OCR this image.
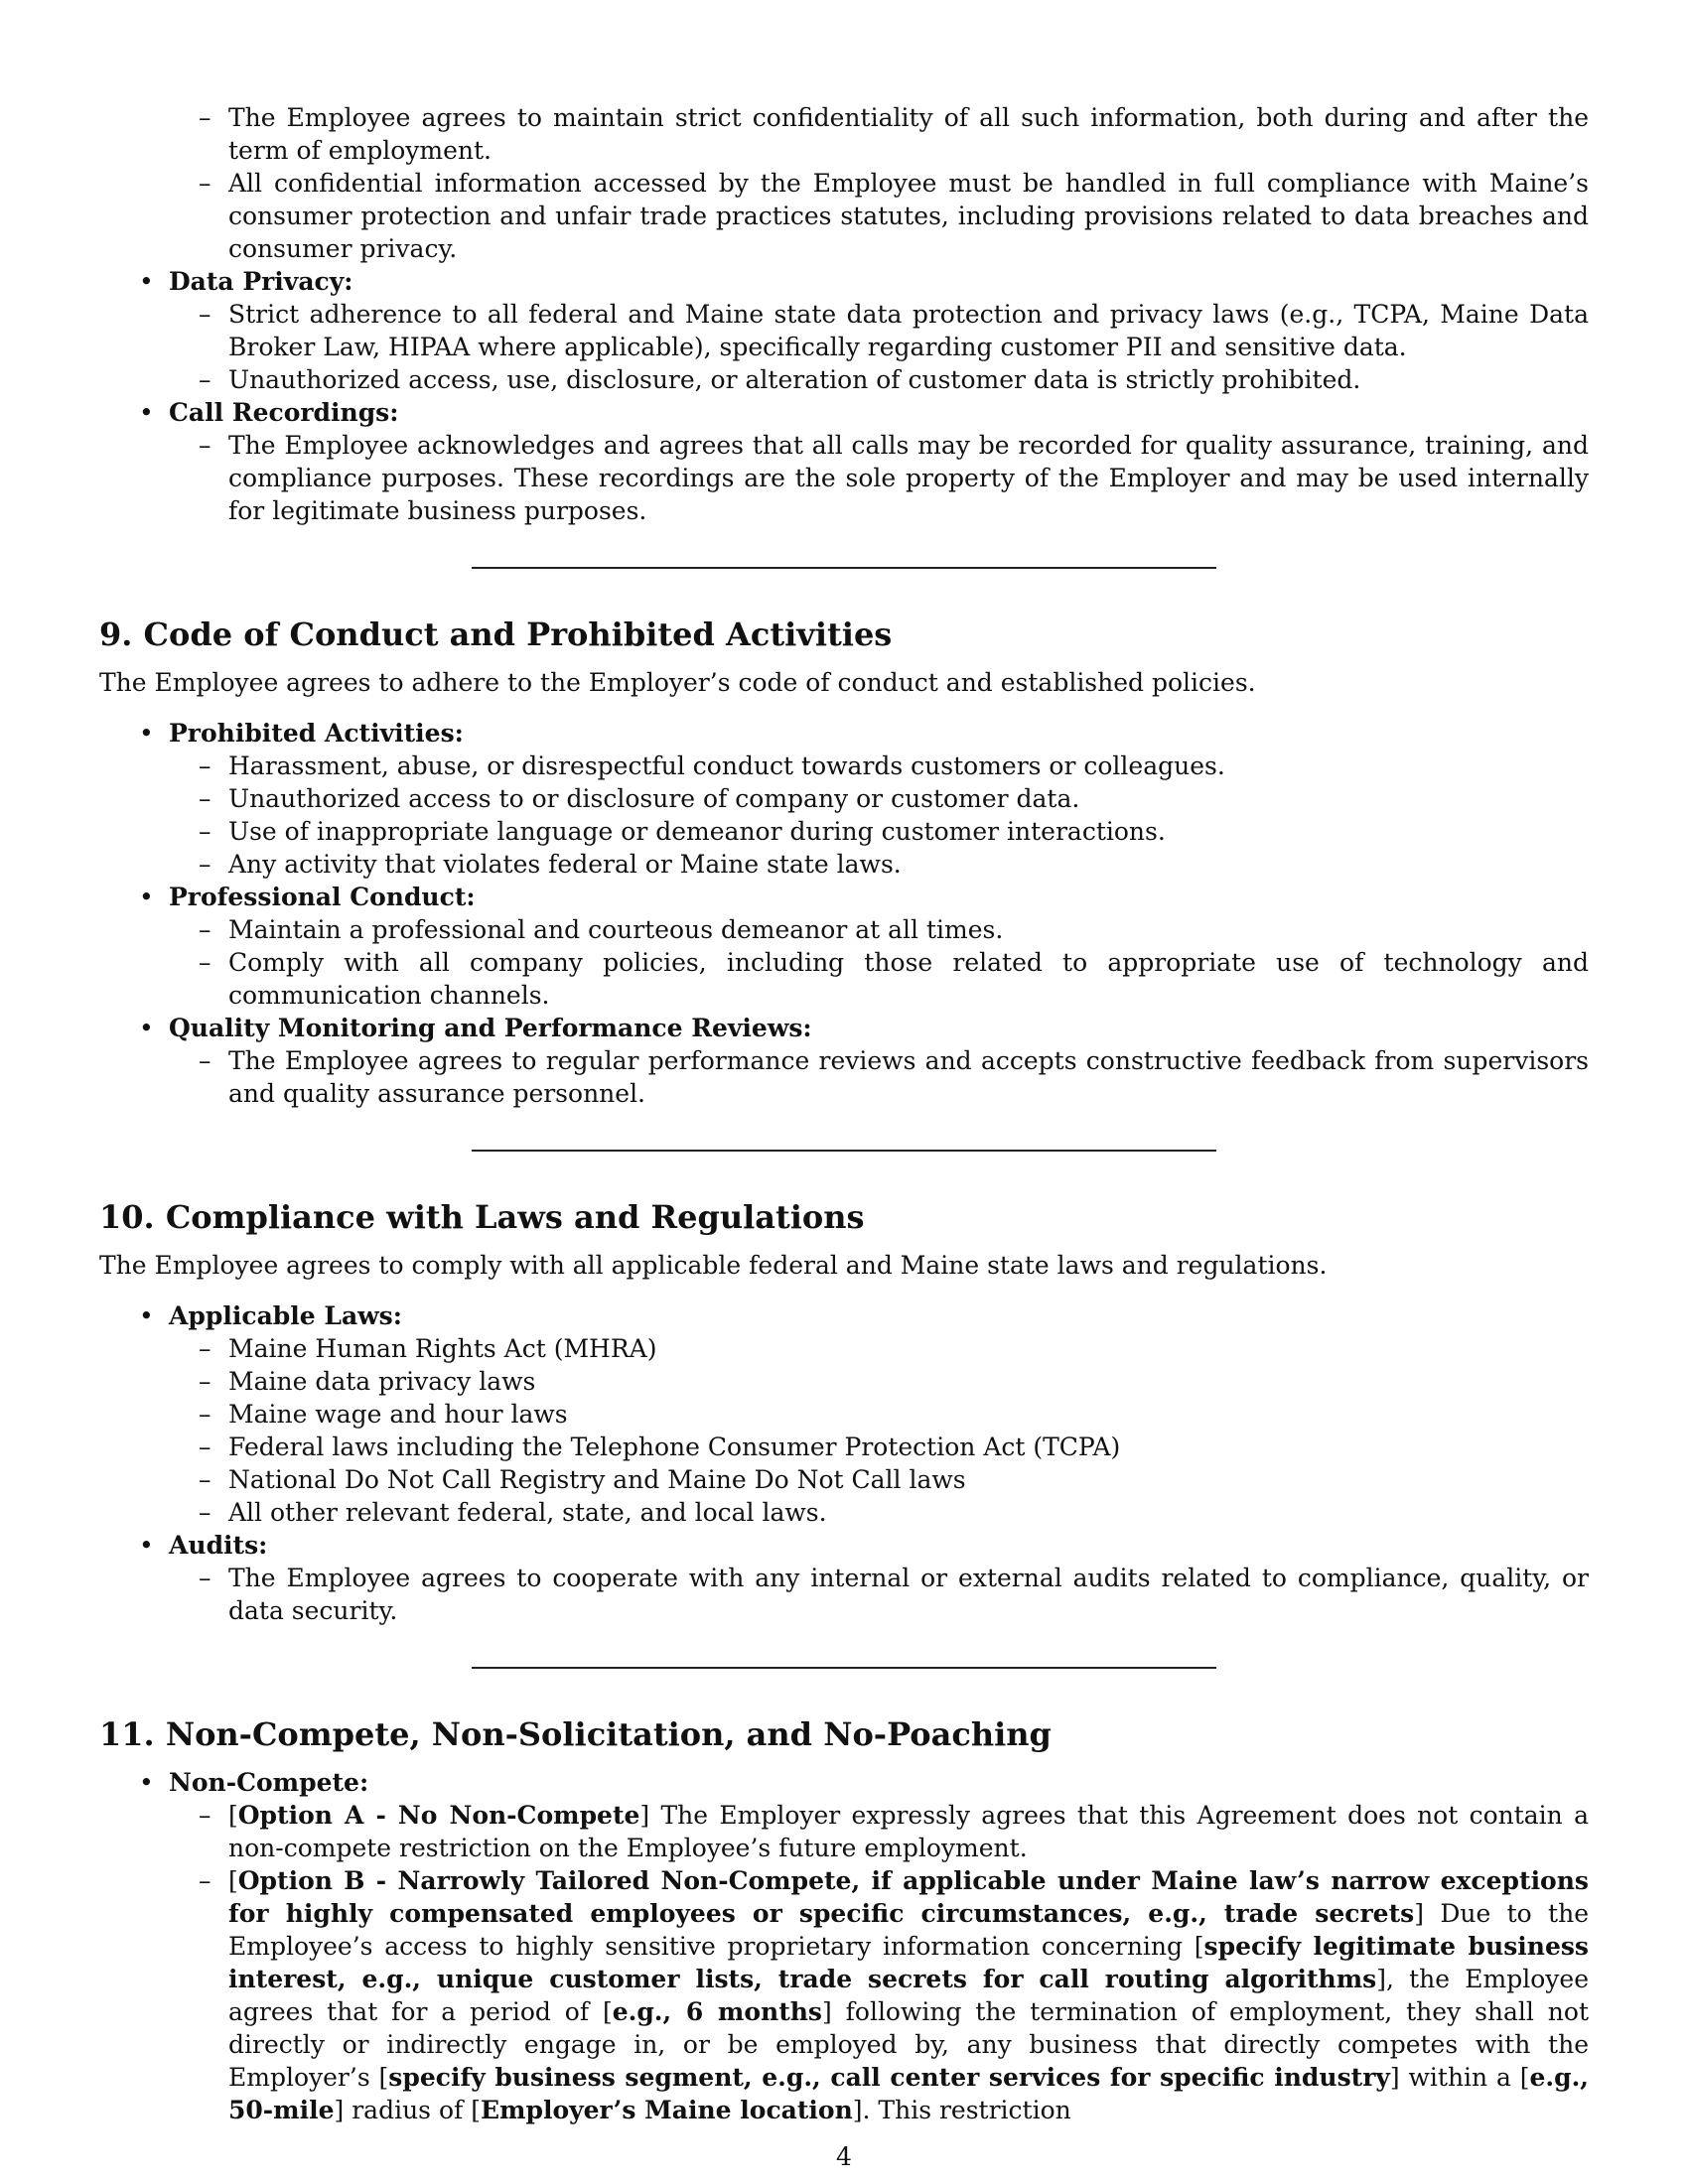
– The Employee agrees to maintain strict confidentiality of all such information, both during and after the term of employment.
– All confidential information accessed by the Employee must be handled in full compliance with Maine’s consumer protection and unfair trade practices statutes, including provisions related to data breaches and consumer privacy.
• Data Privacy:
– Strict adherence to all federal and Maine state data protection and privacy laws (e.g., TCPA, Maine Data Broker Law, HIPAA where applicable), specifically regarding customer PII and sensitive data.
– Unauthorized access, use, disclosure, or alteration of customer data is strictly prohibited.
• Call Recordings:
– The Employee acknowledges and agrees that all calls may be recorded for quality assurance, training, and compliance purposes. These recordings are the sole property of the Employer and may be used internally for legitimate business purposes.
9. Code of Conduct and Prohibited Activities

The Employee agrees to adhere to the Employer’s code of conduct and established policies.

• Prohibited Activities:
– Harassment, abuse, or disrespectful conduct towards customers or colleagues.
– Unauthorized access to or disclosure of company or customer data.
– Use of inappropriate language or demeanor during customer interactions.
– Any activity that violates federal or Maine state laws.
• Professional Conduct:
– Maintain a professional and courteous demeanor at all times.
– Comply with all company policies, including those related to appropriate use of technology and communication channels.
• Quality Monitoring and Performance Reviews:
– The Employee agrees to regular performance reviews and accepts constructive feedback from supervisors and quality assurance personnel.
10. Compliance with Laws and Regulations

The Employee agrees to comply with all applicable federal and Maine state laws and regulations.

• Applicable Laws:
– Maine Human Rights Act (MHRA)
– Maine data privacy laws
– Maine wage and hour laws
– Federal laws including the Telephone Consumer Protection Act (TCPA)
– National Do Not Call Registry and Maine Do Not Call laws
– All other relevant federal, state, and local laws.
• Audits:
– The Employee agrees to cooperate with any internal or external audits related to compliance, quality, or data security.
11. Non-Compete, Non-Solicitation, and No-Poaching
• Non-Compete:
– [Option A - No Non-Compete] The Employer expressly agrees that this Agreement does not contain a non-compete restriction on the Employee’s future employment.
– [Option B - Narrowly Tailored Non-Compete, if applicable under Maine law’s narrow exceptions for highly compensated employees or specific circumstances, e.g., trade secrets] Due to the Employee’s access to highly sensitive proprietary information concerning [specify legitimate business interest, e.g., unique customer lists, trade secrets for call routing algorithms], the Employee agrees that for a period of [e.g., 6 months] following the termination of employment, they shall not directly or indirectly engage in, or be employed by, any business that directly competes with the Employer’s [specify business segment, e.g., call center services for specific industry] within a [e.g., 50-mile] radius of [Employer’s Maine location]. This restriction
4
